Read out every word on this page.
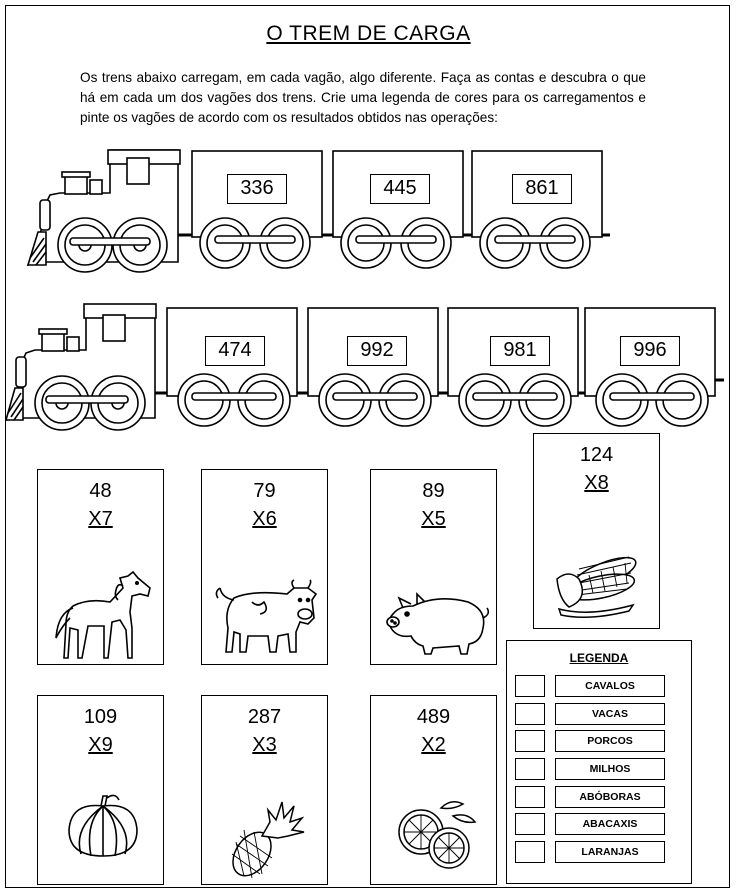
O TREM DE CARGA
Os trens abaixo carregam, em cada vagão, algo diferente. Faça as contas e descubra o que há em cada um dos vagões dos trens. Crie uma legenda de cores para os carregamentos e pinte os vagões de acordo com os resultados obtidos nas operações:
336	445	861
474	992	981	996
48
X7
79
X6
89
X5
124
X8
109
X9
287
X3
489
X2
LEGENDA
CAVALOS
VACAS
PORCOS
MILHOS
ABÓBORAS
ABACAXIS
LARANJAS
